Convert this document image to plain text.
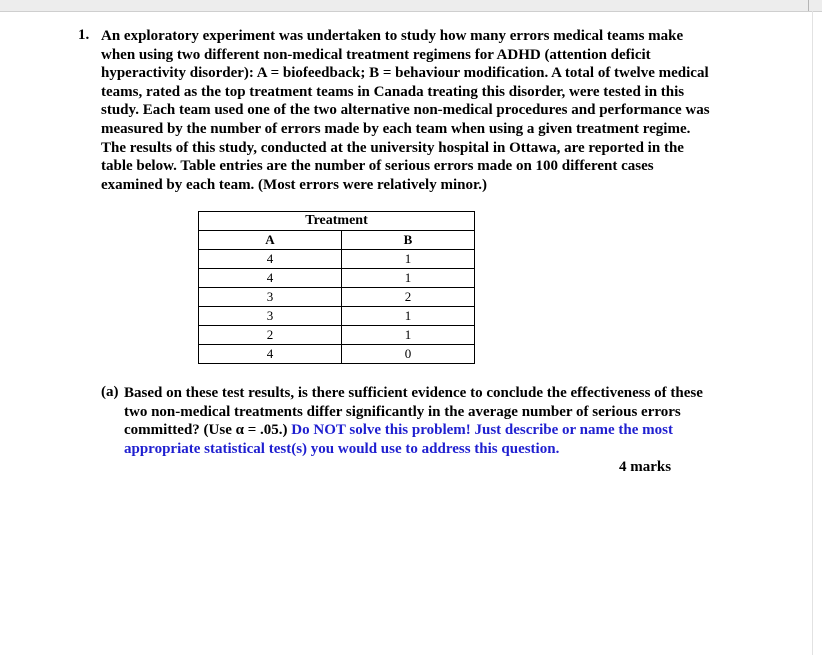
1. An exploratory experiment was undertaken to study how many errors medical teams make
when using two different non-medical treatment regimens for ADHD (attention deficit
hyperactivity disorder): A = biofeedback; B = behaviour modification. A total of twelve medical
teams, rated as the top treatment teams in Canada treating this disorder, were tested in this
study. Each team used one of the two alternative non-medical procedures and performance was
measured by the number of errors made by each team when using a given treatment regime.
The results of this study, conducted at the university hospital in Ottawa, are reported in the
table below. Table entries are the number of serious errors made on 100 different cases
examined by each team. (Most errors were relatively minor.)
Treatment	
A	B
4	1
4	1
3	2
3	1
2	1
4	0
(a) Based on these test results, is there sufficient evidence to conclude the effectiveness of these
two non-medical treatments differ significantly in the average number of serious errors
committed? (Use α = .05.) Do NOT solve this problem! Just describe or name the most
appropriate statistical test(s) you would use to address this question.
4 marks
